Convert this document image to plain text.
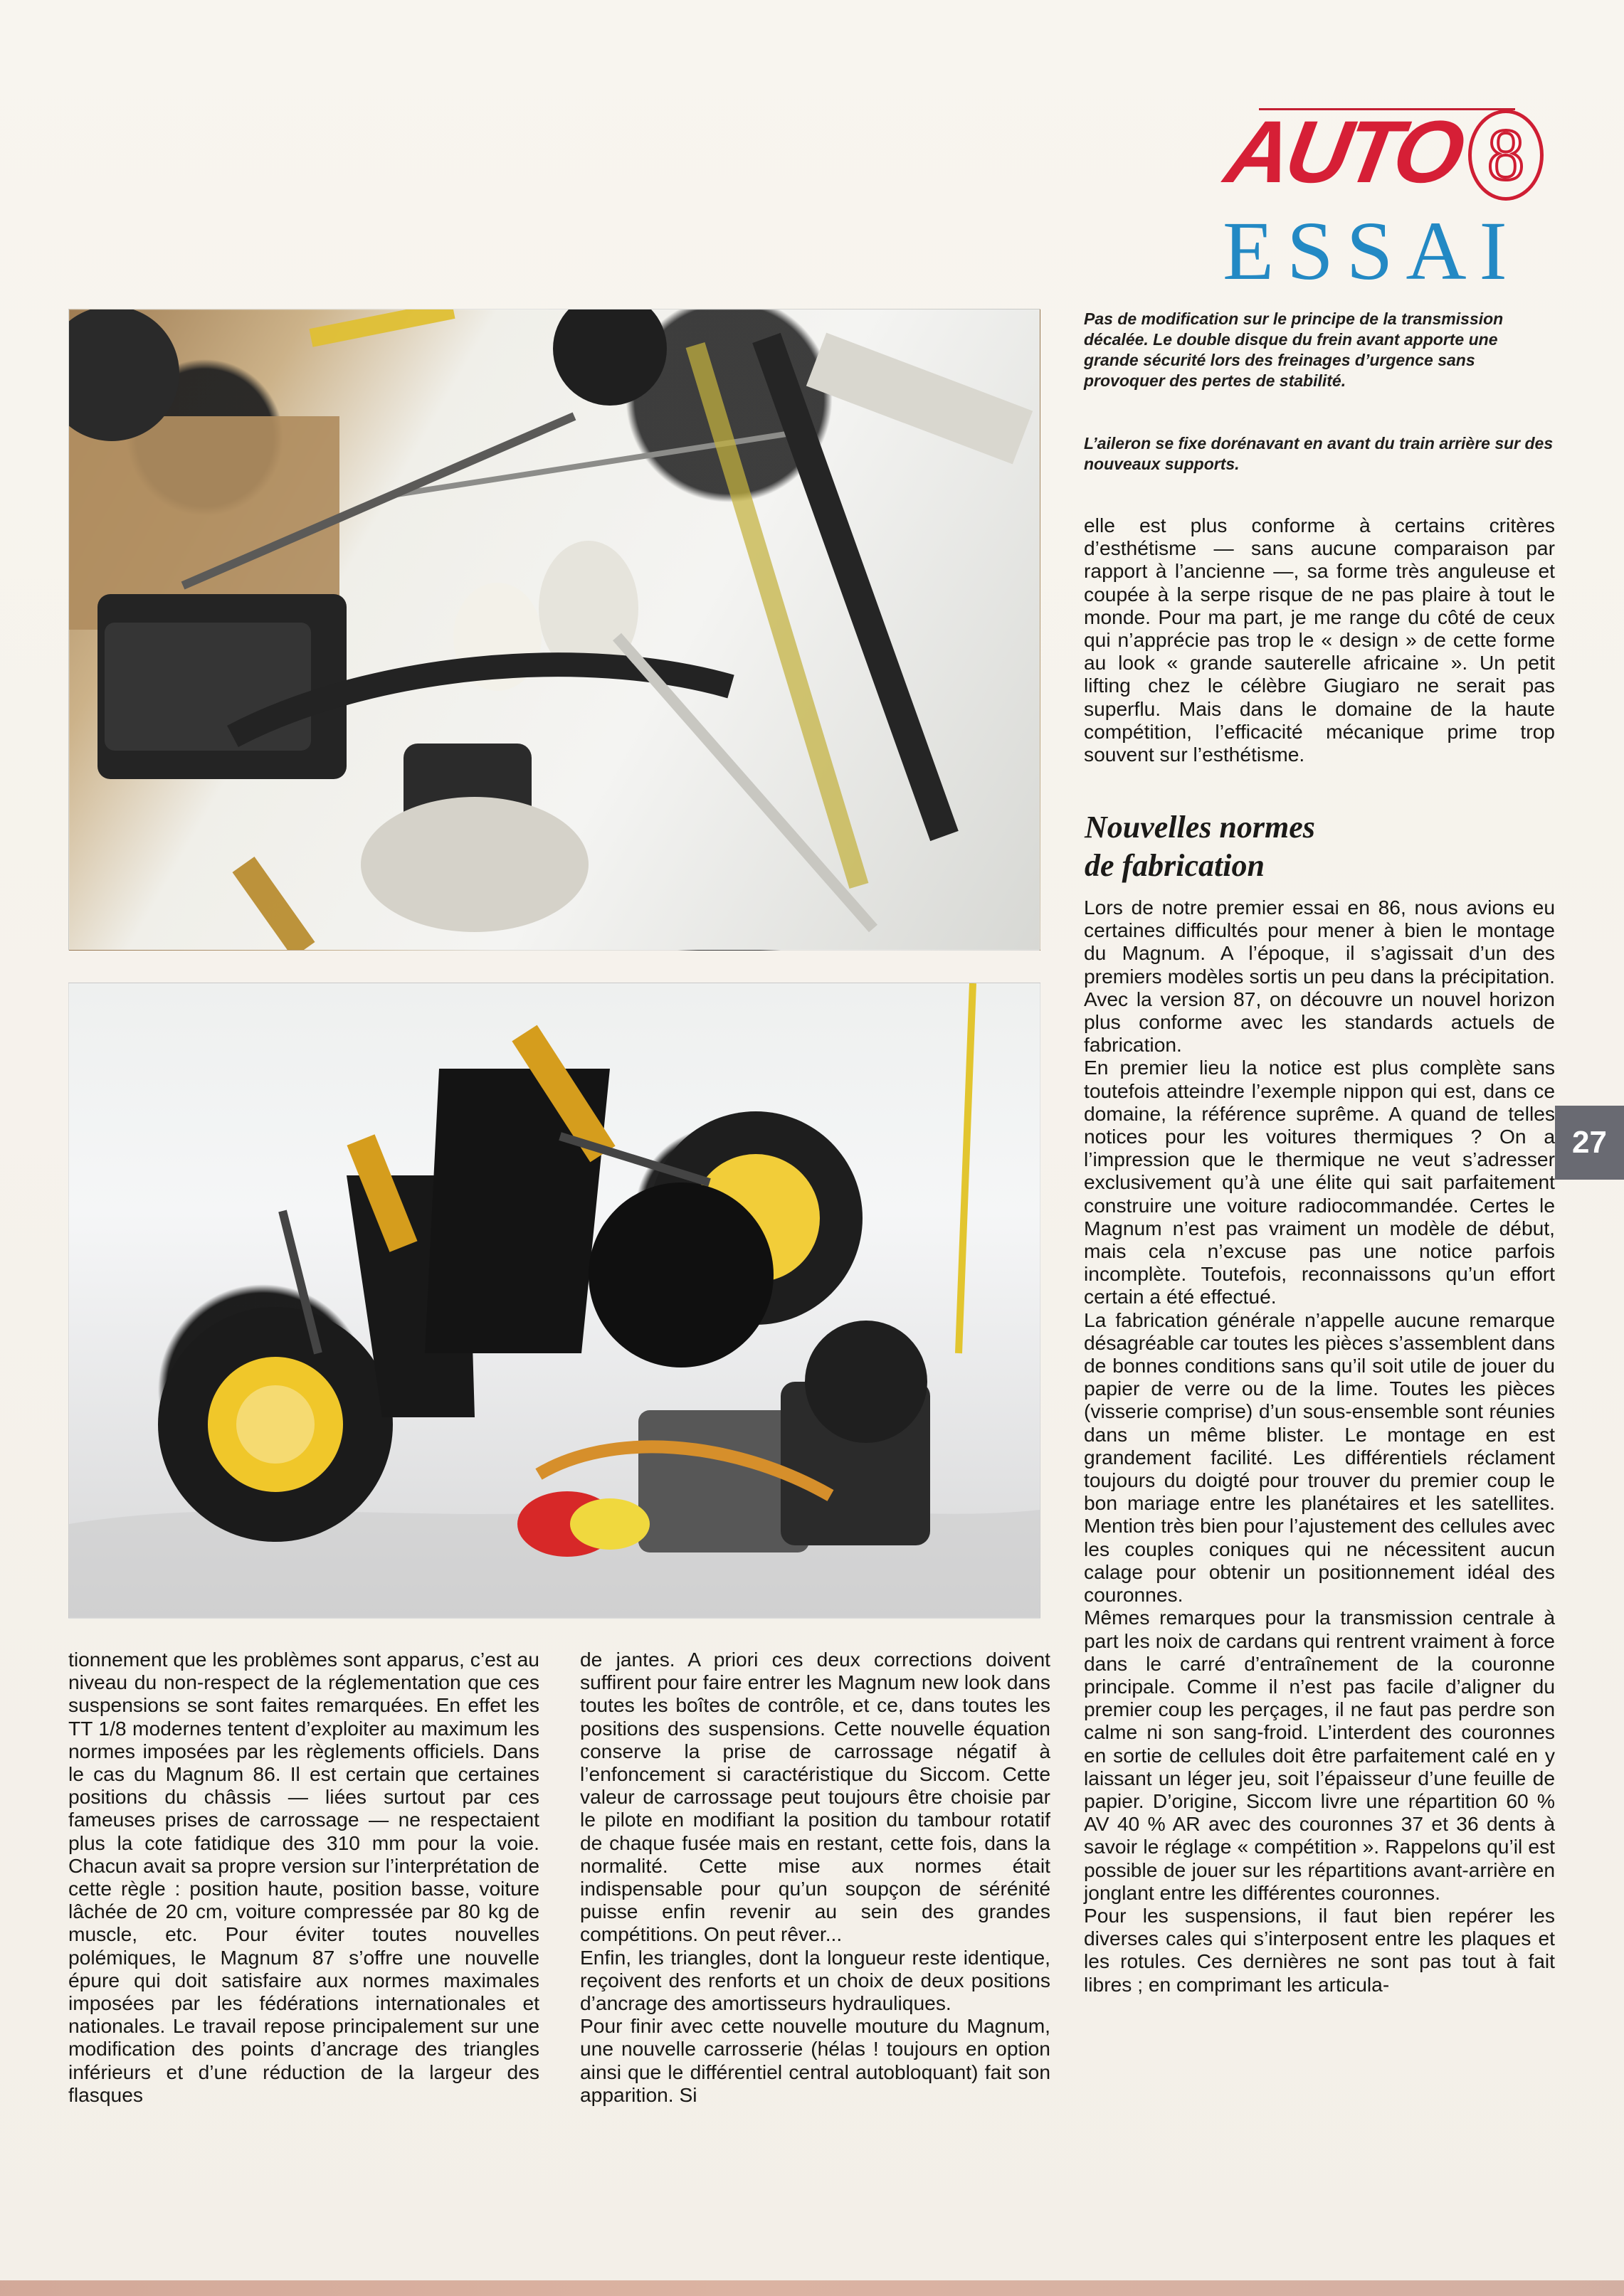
AUTO 8
ESSAI
Pas de modification sur le principe de la transmission décalée. Le double disque du frein avant apporte une grande sécurité lors des freinages d’urgence sans provoquer des pertes de stabilité.
L’aileron se fixe dorénavant en avant du train arrière sur des nouveaux supports.

elle est plus conforme à certains critères d’esthétisme — sans aucune comparaison par rapport à l’ancienne —, sa forme très anguleuse et coupée à la serpe risque de ne pas plaire à tout le monde. Pour ma part, je me range du côté de ceux qui n’apprécie pas trop le « design » de cette forme au look « grande sauterelle africaine ». Un petit lifting chez le célèbre Giugiaro ne serait pas superflu. Mais dans le domaine de la haute compétition, l’efficacité mécanique prime trop souvent sur l’esthétisme.

Nouvelles normes
de fabrication

Lors de notre premier essai en 86, nous avions eu certaines difficultés pour mener à bien le montage du Magnum. A l’époque, il s’agissait d’un des premiers modèles sortis un peu dans la précipitation. Avec la version 87, on découvre un nouvel horizon plus conforme avec les standards actuels de fabrication.

En premier lieu la notice est plus complète sans toutefois atteindre l’exemple nippon qui est, dans ce domaine, la référence suprême. A quand de telles notices pour les voitures thermiques ? On a l’impression que le thermique ne veut s’adresser exclusivement qu’à une élite qui sait parfaitement construire une voiture radiocommandée. Certes le Magnum n’est pas vraiment un modèle de début, mais cela n’excuse pas une notice parfois incomplète. Toutefois, reconnaissons qu’un effort certain a été effectué.

La fabrication générale n’appelle aucune remarque désagréable car toutes les pièces s’assemblent dans de bonnes conditions sans qu’il soit utile de jouer du papier de verre ou de la lime. Toutes les pièces (visserie comprise) d’un sous-ensemble sont réunies dans un même blister. Le montage en est grandement facilité. Les différentiels réclament toujours du doigté pour trouver du premier coup le bon mariage entre les planétaires et les satellites. Mention très bien pour l’ajustement des cellules avec les couples coniques qui ne nécessitent aucun calage pour obtenir un positionnement idéal des couronnes.

Mêmes remarques pour la transmission centrale à part les noix de cardans qui rentrent vraiment à force dans le carré d’entraînement de la couronne principale. Comme il n’est pas facile d’aligner du premier coup les perçages, il ne faut pas perdre son calme ni son sang-froid. L’interdent des couronnes en sortie de cellules doit être parfaitement calé en y laissant un léger jeu, soit l’épaisseur d’une feuille de papier. D’origine, Siccom livre une répartition 60 % AV 40 % AR avec des couronnes 37 et 36 dents à savoir le réglage « compétition ». Rappelons qu’il est possible de jouer sur les répartitions avant-arrière en jonglant entre les différentes couronnes.

Pour les suspensions, il faut bien repérer les diverses cales qui s’interposent entre les plaques et les rotules. Ces dernières ne sont pas tout à fait libres ; en comprimant les articula-

tionnement que les problèmes sont apparus, c’est au niveau du non-respect de la réglementation que ces suspensions se sont faites remarquées. En effet les TT 1/8 modernes tentent d’exploiter au maximum les normes imposées par les règlements officiels. Dans le cas du Magnum 86. Il est certain que certaines positions du châssis — liées surtout par ces fameuses prises de carrossage — ne respectaient plus la cote fatidique des 310 mm pour la voie. Chacun avait sa propre version sur l’interprétation de cette règle : position haute, position basse, voiture lâchée de 20 cm, voiture compressée par 80 kg de muscle, etc. Pour éviter toutes nouvelles polémiques, le Magnum 87 s’offre une nouvelle épure qui doit satisfaire aux normes maximales imposées par les fédérations internationales et nationales. Le travail repose principalement sur une modification des points d’ancrage des triangles inférieurs et d’une réduction de la largeur des flasques

de jantes. A priori ces deux corrections doivent suffirent pour faire entrer les Magnum new look dans toutes les boîtes de contrôle, et ce, dans toutes les positions des suspensions. Cette nouvelle équation conserve la prise de carrossage négatif à l’enfoncement si caractéristique du Siccom. Cette valeur de carrossage peut toujours être choisie par le pilote en modifiant la position du tambour rotatif de chaque fusée mais en restant, cette fois, dans la normalité. Cette mise aux normes était indispensable pour qu’un soupçon de sérénité puisse enfin revenir au sein des grandes compétitions. On peut rêver...

Enfin, les triangles, dont la longueur reste identique, reçoivent des renforts et un choix de deux positions d’ancrage des amortisseurs hydrauliques.

Pour finir avec cette nouvelle mouture du Magnum, une nouvelle carrosserie (hélas ! toujours en option ainsi que le différentiel central autobloquant) fait son apparition. Si

27
